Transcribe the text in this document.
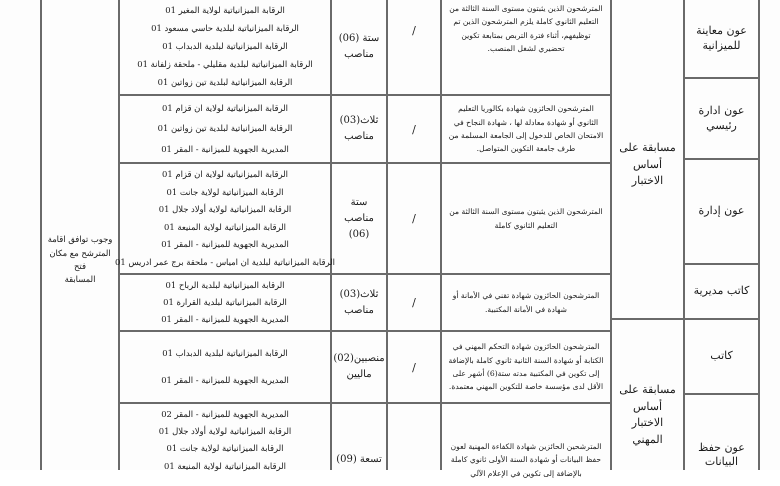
عون معاينة للميزانية
المترشحون الذين يثبتون مستوى السنة الثالثة من التعليم الثانوي كاملة يلزم المترشحون الذين تم توظيفهم، أثناء فترة التربص بمتابعة تكوين تحضيري لشغل المنصب.
/
ستة (06)
مناصب
الرقابة الميزانياتية لولاية المغير 01
الرقابة الميزانياتية لبلدية حاسي مسعود 01
الرقابة الميزانياتية لبلدية الدبداب 01
الرقابة الميزانياتية لبلدية مقليلي - ملحقة زلفانة 01
الرقابة الميزانياتية لبلدية تين زواتين 01
عون ادارة رئيسي
المترشحون الحائزون شهادة بكالوريا التعليم الثانوي أو شهادة معادلة لها ، شهادة النجاح في الامتحان الخاص للدخول إلى الجامعة المسلمة من طرف جامعة التكوين المتواصل.
/
ثلاث(03)
مناصب
الرقابة الميزانياتية لولاية ان قزام 01
الرقابة الميزانياتية لبلدية تين زواتين 01
المديرية الجهوية للميزانية - المقر 01	مسابقة على أساس
الاختبار
عون إدارة
المترشحون الذين يثبتون مستوى السنة الثالثة من التعليم الثانوي كاملة
/
ستة مناصب
(06)
الرقابة الميزانياتية لولاية ان قزام 01
الرقابة الميزانياتية لولاية جانت 01
الرقابة الميزانياتية لولاية أولاد جلال 01
الرقابة الميزانياتية لولاية المنيعة 01
المديرية الجهوية للميزانية - المقر 01
الرقابة الميزانياتية لبلدية ان امياس - ملحقة برج عمر ادريس 01
وجوب توافق اقامة
المترشح مع مكان فتح
المسابقة
كاتب مديرية
المترشحون الحائزون شهادة تقني في الأمانة أو شهادة في الأمانة المكتبية.
/
ثلاث(03)
مناصب
الرقابة الميزانياتية لبلدية الرباح 01
الرقابة الميزانياتية لبلدية القرارة 01
المديرية الجهوية للميزانية - المقر 01
كاتب
المترشحون الحائزون شهادة التحكم المهني في الكتابة أو شهادة السنة الثانية ثانوي كاملة بالإضافة إلى تكوين في المكتبية مدته ستة(6) أشهر على الأقل لدى مؤسسة خاصة للتكوين المهني معتمدة.
/
منصبين(02)
ماليين
الرقابة الميزانياتية لبلدية الدبداب 01
المديرية الجهوية للميزانية - المقر 01
مسابقة على أساس
الاختبار المهني
عون حفظ البيانات
المترشحين الحائزين شهادة الكفاءة المهنية لعون حفظ البيانات أو شهادة السنة الأولى ثانوي كاملة بالإضافة إلى تكوين في الإعلام الآلي
تسعة (09)
المديرية الجهوية للميزانية - المقر 02
الرقابة الميزانياتية لولاية أولاد جلال 01
الرقابة الميزانياتية لولاية جانت 01
الرقابة الميزانياتية لولاية المنيعة 01
